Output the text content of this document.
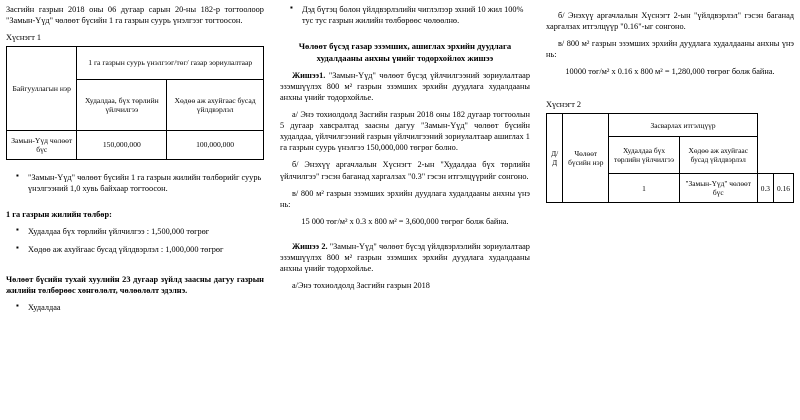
Засгийн газрын 2018 оны 06 дугаар сарын 20-ны 182-р тогтоолоор "Замын-Үүд" чөлөөт бүсийн 1 га газрын суурь үнэлгээг тогтоосон.

Хүснэгт 1

Байгууллагын нэр	1 га газрын суурь үнэлгээг/төг/ газар зориулалтаар	
	Худалдаа, бүх төрлийн үйлчилгээ	Хөдөө аж ахуйгаас бусад үйлдвэрлэл
Замын-Үүд чөлөөт бүс	150,000,000	100,000,000
▪ "Замын-Үүд" чөлөөт бүсийн 1 га газрын жилийн төлбөрийг суурь үнэлгээний 1,0 хувь байхаар тогтоосон.

1 га газрын жилийн төлбөр:

▪ Худалдаа бүх төрлийн үйлчилгээ : 1,500,000 төгрөг
▪ Хөдөө аж ахуйгаас бусад үйлдвэрлэл : 1,000,000 төгрөг

Чөлөөт бүсийн тухай хуулийн 23 дугаар зүйлд заасны дагуу газрын жилийн төлбөрөөс хөнгөлөлт, чөлөөлөлт эдэлнэ.

▪ Худалдаа
▪ Дэд бүтэц болон үйлдвэрлэлийн чиглэлээр эхний 10 жил 100% тус тус газрын жилийн төлбөрөөс чөлөөлнө.

Чөлөөт бүсэд газар эзэмших, ашиглах эрхийн дуудлага худалдааны анхны үнийг тодорхойлох жишээ

Жишээ1. "Замын-Үүд" чөлөөт бүсэд үйлчилгээний зориулалтаар эзэмшүүлэх 800 м² газрын эзэмших эрхийн дуудлага худалдааны анхны үнийг тодорхойлье.

а/ Энэ тохиолдолд Засгийн газрын 2018 оны 182 дугаар тогтоолын 5 дугаар хавсралтад заасны дагуу "Замын-Үүд" чөлөөт бүсийн худалдаа, үйлчилгээний газрын үйлчилгээний зориулалтаар ашиглах 1 га газрын суурь үнэлгээ 150,000,000 төгрөг болно.

б/ Энэхүү аргачлалын Хүснэгт 2-ын "Худалдаа бүх төрлийн үйлчилгээ" гэсэн баганад харгалзах "0.3" гэсэн итгэлцүүрийг сонгоно.

в/ 800 м² газрын эзэмших эрхийн дуудлага худалдааны анхны үнэ нь:

15 000 төг/м² х 0.3 х 800 м² = 3,600,000 төгрөг болж байна.

Жишээ 2. "Замын-Үүд" чөлөөт бүсэд үйлдвэрлэлийн зориулалтаар эзэмшүүлэх 800 м² газрын эзэмших эрхийн дуудлага худалдааны анхны үнийг тодорхойлье.

а/Энэ тохиолдолд Засгийн газрын 2018

б/ Энэхүү аргачлалын Хүснэгт 2-ын "үйлдвэрлэл" гэсэн баганад харгалзах итгэлцүүр "0.16"-ыг сонгоно.

в/ 800 м² газрын эзэмших эрхийн дуудлага худалдааны анхны үнэ нь:

10000 төг/м² х 0.16 х 800 м² = 1,280,000 төгрөг болж байна.

Хүснэгт 2

Д/Д	Чөлөөт бүсийн нэр	Засварлах итгэлцүүр			
		Худалдаа бүх төрлийн үйлчилгээ	Хөдөө аж ахуйгаас бусад үйлдвэрлэл		
		1	"Замын-Үүд" чөлөөт бүс	0.3	0.16
